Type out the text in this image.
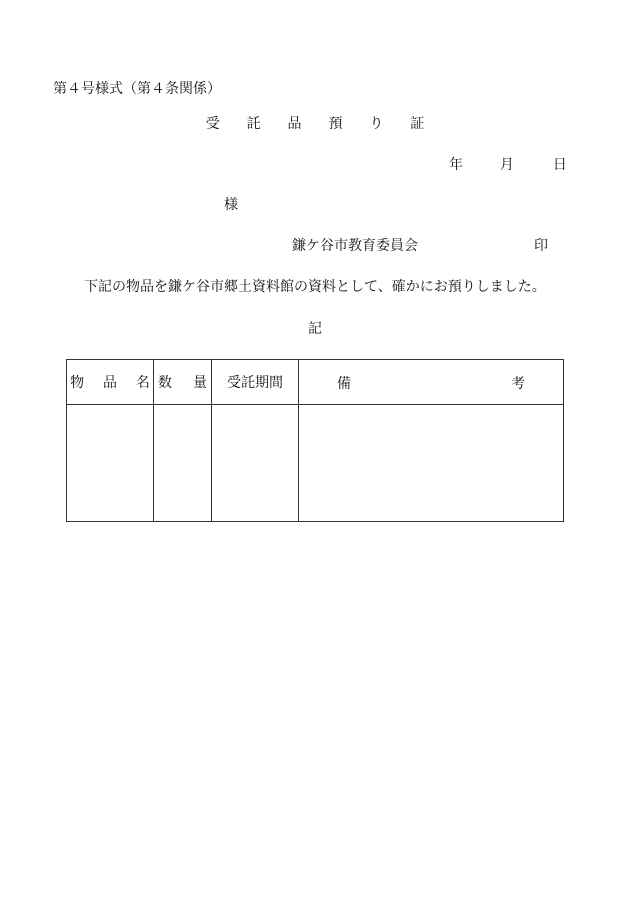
第４号様式（第４条関係）
受 託 品 預 り 証
年	月	日
様
鎌ケ谷市教育委員会	印
下記の物品を鎌ケ谷市郷土資料館の資料として、確かにお預りしました。
記
物 品 名	数 量	受託期間	備 考
